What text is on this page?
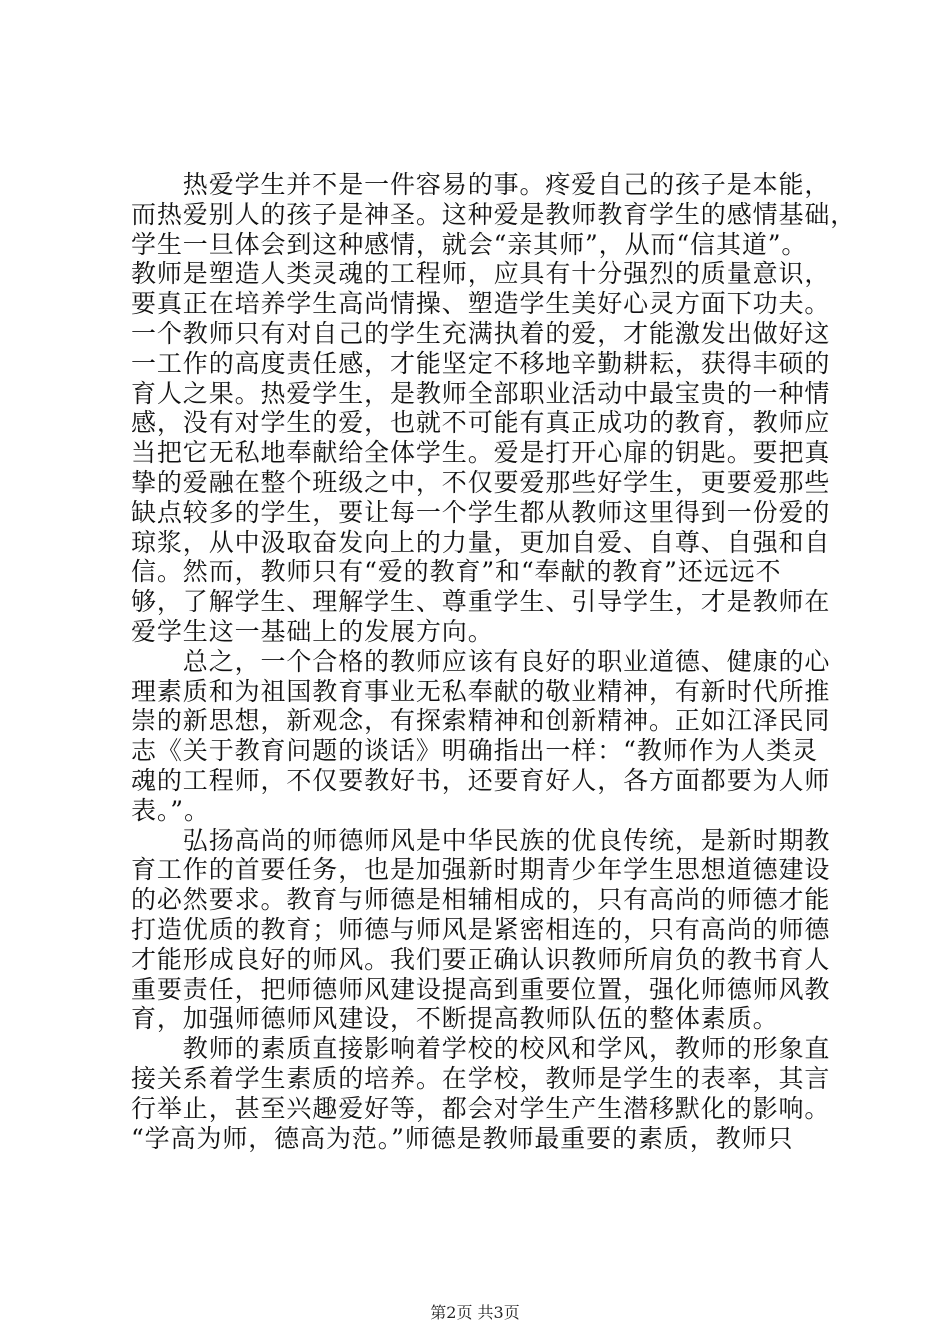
　　热爱学生并不是一件容易的事。疼爱自己的孩子是本能，
而热爱别人的孩子是神圣。这种爱是教师教育学生的感情基础，
学生一旦体会到这种感情，就会“亲其师”，从而“信其道”。
教师是塑造人类灵魂的工程师，应具有十分强烈的质量意识，
要真正在培养学生高尚情操、塑造学生美好心灵方面下功夫。
一个教师只有对自己的学生充满执着的爱，才能激发出做好这
一工作的高度责任感，才能坚定不移地辛勤耕耘，获得丰硕的
育人之果。热爱学生，是教师全部职业活动中最宝贵的一种情
感，没有对学生的爱，也就不可能有真正成功的教育，教师应
当把它无私地奉献给全体学生。爱是打开心扉的钥匙。要把真
挚的爱融在整个班级之中，不仅要爱那些好学生，更要爱那些
缺点较多的学生，要让每一个学生都从教师这里得到一份爱的
琼浆，从中汲取奋发向上的力量，更加自爱、自尊、自强和自
信。然而，教师只有“爱的教育”和“奉献的教育”还远远不
够，了解学生、理解学生、尊重学生、引导学生，才是教师在
爱学生这一基础上的发展方向。
　　总之，一个合格的教师应该有良好的职业道德、健康的心
理素质和为祖国教育事业无私奉献的敬业精神，有新时代所推
崇的新思想，新观念，有探索精神和创新精神。正如江泽民同
志《关于教育问题的谈话》明确指出一样：“教师作为人类灵
魂的工程师，不仅要教好书，还要育好人，各方面都要为人师
表。”。
　　弘扬高尚的师德师风是中华民族的优良传统，是新时期教
育工作的首要任务，也是加强新时期青少年学生思想道德建设
的必然要求。教育与师德是相辅相成的，只有高尚的师德才能
打造优质的教育；师德与师风是紧密相连的，只有高尚的师德
才能形成良好的师风。我们要正确认识教师所肩负的教书育人
重要责任，把师德师风建设提高到重要位置，强化师德师风教
育，加强师德师风建设，不断提高教师队伍的整体素质。
　　教师的素质直接影响着学校的校风和学风，教师的形象直
接关系着学生素质的培养。在学校，教师是学生的表率，其言
行举止，甚至兴趣爱好等，都会对学生产生潜移默化的影响。
“学高为师，德高为范。”师德是教师最重要的素质，教师只
第2页 共3页
